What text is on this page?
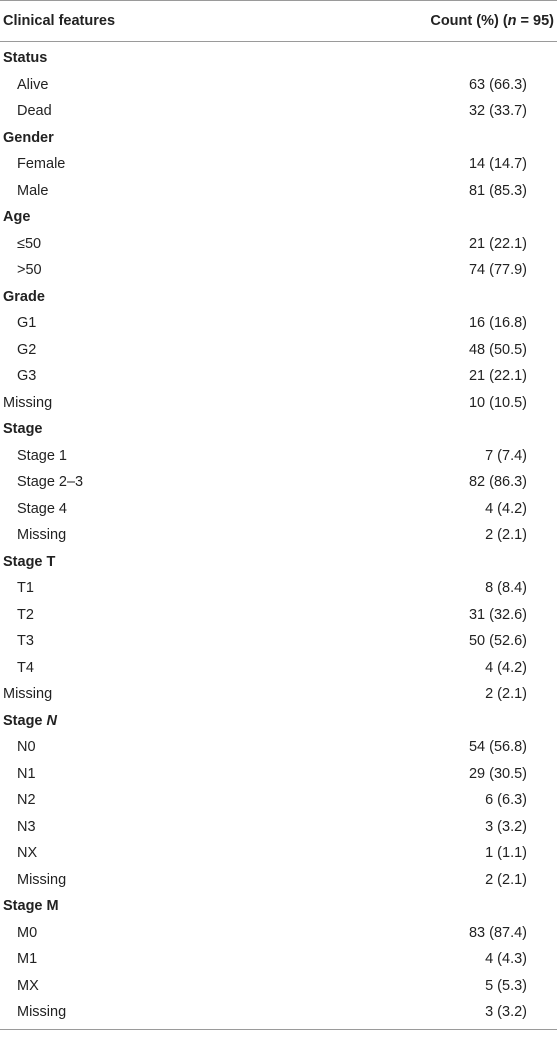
Clinical features	Count (%) (n = 95)
Status
Alive	63 (66.3)
Dead	32 (33.7)
Gender
Female	14 (14.7)
Male	81 (85.3)
Age
≤50	21 (22.1)
>50	74 (77.9)
Grade
G1	16 (16.8)
G2	48 (50.5)
G3	21 (22.1)
Missing	10 (10.5)
Stage
Stage 1	7 (7.4)
Stage 2–3	82 (86.3)
Stage 4	4 (4.2)
Missing	2 (2.1)
Stage T
T1	8 (8.4)
T2	31 (32.6)
T3	50 (52.6)
T4	4 (4.2)
Missing	2 (2.1)
Stage N
N0	54 (56.8)
N1	29 (30.5)
N2	6 (6.3)
N3	3 (3.2)
NX	1 (1.1)
Missing	2 (2.1)
Stage M
M0	83 (87.4)
M1	4 (4.3)
MX	5 (5.3)
Missing	3 (3.2)
